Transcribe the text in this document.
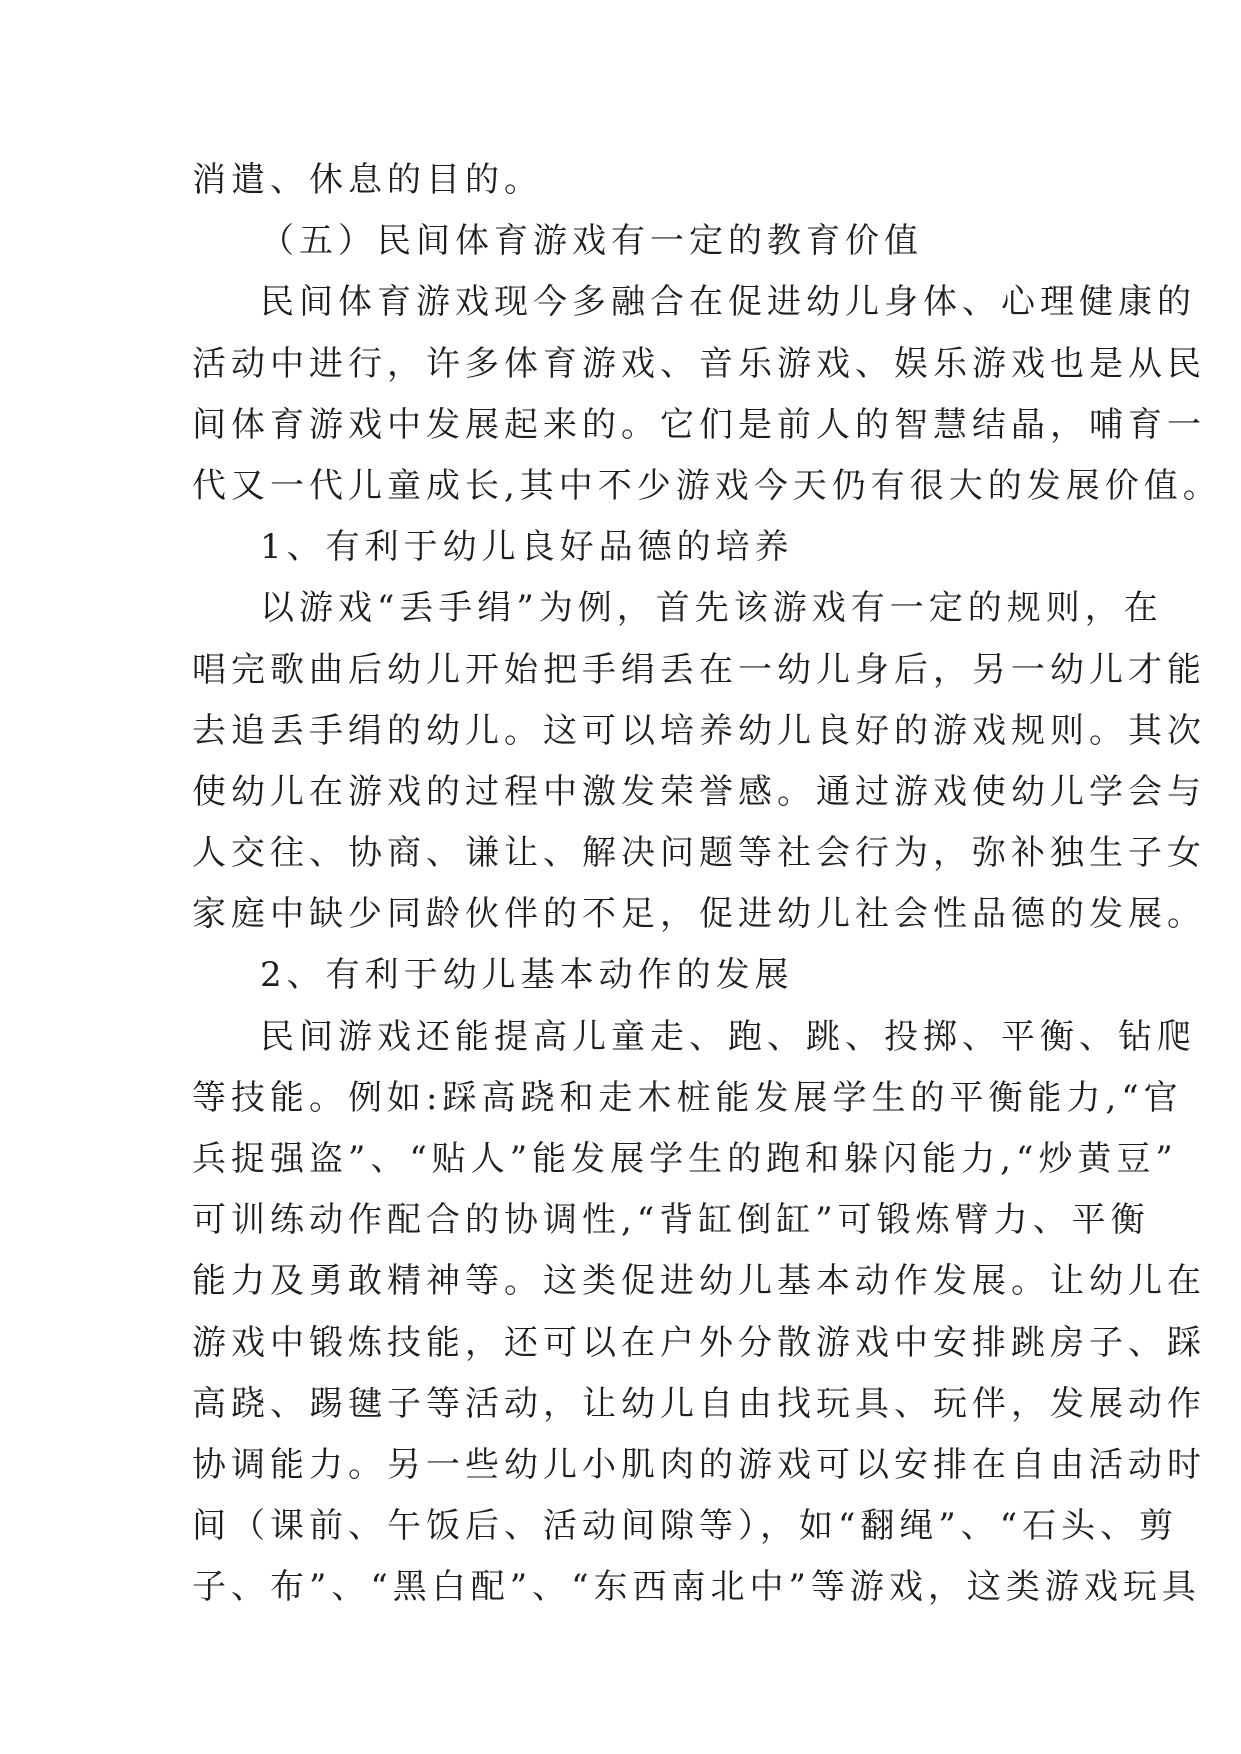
消遣、休息的目的。

（五）民间体育游戏有一定的教育价值

民间体育游戏现今多融合在促进幼儿身体、心理健康的

活动中进行，许多体育游戏、音乐游戏、娱乐游戏也是从民

间体育游戏中发展起来的。它们是前人的智慧结晶，哺育一

代又一代儿童成长,其中不少游戏今天仍有很大的发展价值。

1、有利于幼儿良好品德的培养

以游戏“丢手绢”为例，首先该游戏有一定的规则，在

唱完歌曲后幼儿开始把手绢丢在一幼儿身后，另一幼儿才能

去追丢手绢的幼儿。这可以培养幼儿良好的游戏规则。其次

使幼儿在游戏的过程中激发荣誉感。通过游戏使幼儿学会与

人交往、协商、谦让、解决问题等社会行为，弥补独生子女

家庭中缺少同龄伙伴的不足，促进幼儿社会性品德的发展。

2、有利于幼儿基本动作的发展

民间游戏还能提高儿童走、跑、跳、投掷、平衡、钻爬

等技能。例如:踩高跷和走木桩能发展学生的平衡能力,“官

兵捉强盗”、“贴人”能发展学生的跑和躲闪能力,“炒黄豆”

可训练动作配合的协调性,“背缸倒缸”可锻炼臂力、平衡

能力及勇敢精神等。这类促进幼儿基本动作发展。让幼儿在

游戏中锻炼技能，还可以在户外分散游戏中安排跳房子、踩

高跷、踢毽子等活动，让幼儿自由找玩具、玩伴，发展动作

协调能力。另一些幼儿小肌肉的游戏可以安排在自由活动时

间（课前、午饭后、活动间隙等），如“翻绳”、“石头、剪

子、布”、“黑白配”、“东西南北中”等游戏，这类游戏玩具
